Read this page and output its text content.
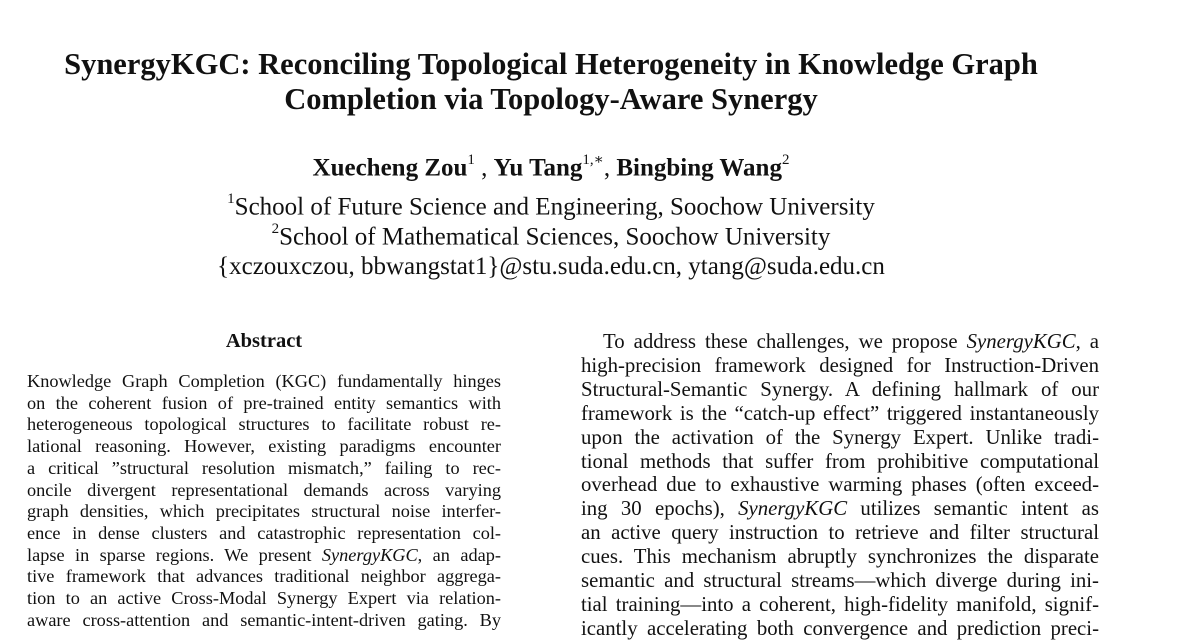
SynergyKGC: Reconciling Topological Heterogeneity in Knowledge Graph
Completion via Topology-Aware Synergy
Xuecheng Zou$^1$ , Yu Tang$^{1,∗}$, Bingbing Wang$^2$
$^1$School of Future Science and Engineering, Soochow University
$^2$School of Mathematical Sciences, Soochow University
{xczouxczou, bbwangstat1}@stu.suda.edu.cn, ytang@suda.edu.cn
Abstract
Knowledge Graph Completion (KGC) fundamentally hinges
on the coherent fusion of pre-trained entity semantics with
heterogeneous topological structures to facilitate robust re-
lational reasoning. However, existing paradigms encounter
a critical ”structural resolution mismatch,” failing to rec-
oncile divergent representational demands across varying
graph densities, which precipitates structural noise interfer-
ence in dense clusters and catastrophic representation col-
lapse in sparse regions. We present SynergyKGC, an adap-
tive framework that advances traditional neighbor aggrega-
tion to an active Cross-Modal Synergy Expert via relation-
aware cross-attention and semantic-intent-driven gating. By
To address these challenges, we propose SynergyKGC, a
high-precision framework designed for Instruction-Driven
Structural-Semantic Synergy. A defining hallmark of our
framework is the “catch-up effect” triggered instantaneously
upon the activation of the Synergy Expert. Unlike tradi-
tional methods that suffer from prohibitive computational
overhead due to exhaustive warming phases (often exceed-
ing 30 epochs), SynergyKGC utilizes semantic intent as
an active query instruction to retrieve and filter structural
cues. This mechanism abruptly synchronizes the disparate
semantic and structural streams—which diverge during ini-
tial training—into a coherent, high-fidelity manifold, signif-
icantly accelerating both convergence and prediction preci-
